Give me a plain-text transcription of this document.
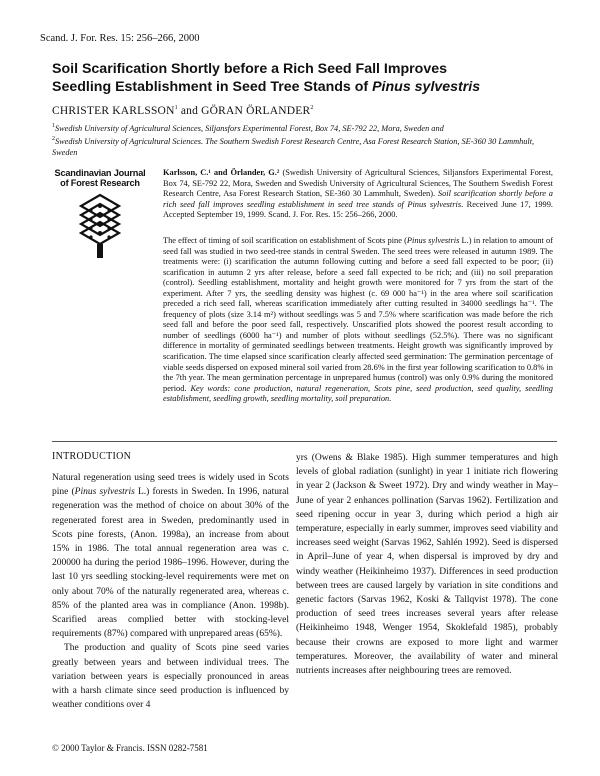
Scand. J. For. Res. 15: 256–266, 2000
Soil Scarification Shortly before a Rich Seed Fall Improves
Seedling Establishment in Seed Tree Stands of Pinus sylvestris
CHRISTER KARLSSON$^1$ and GÖRAN ÖRLANDER$^2$
$^1$Swedish University of Agricultural Sciences, Siljansfors Experimental Forest, Box 74, SE-792 22, Mora, Sweden and
$^2$Swedish University of Agricultural Sciences. The Southern Swedish Forest Research Centre, Asa Forest Research Station, SE-360 30 Lammhult, Sweden
Scandinavian Journal
of Forest Research

Karlsson, C.¹ and Örlander, G.² (Swedish University of Agricultural Sciences, Siljansfors Experimental Forest, Box 74, SE-792 22, Mora, Sweden and Swedish University of Agricultural Sciences, The Southern Swedish Forest Research Centre, Asa Forest Research Station, SE-360 30 Lammhult, Sweden). Soil scarification shortly before a rich seed fall improves seedling establishment in seed tree stands of Pinus sylvestris. Received June 17, 1999. Accepted September 19, 1999. Scand. J. For. Res. 15: 256–266, 2000.

The effect of timing of soil scarification on establishment of Scots pine (Pinus sylvestris L.) in relation to amount of seed fall was studied in two seed-tree stands in central Sweden. The seed trees were released in autumn 1989. The treatments were: (i) scarification the autumn following cutting and before a seed fall expected to be poor; (ii) scarification in autumn 2 yrs after release, before a seed fall expected to be rich; and (iii) no soil preparation (control). Seedling establishment, mortality and height growth were monitored for 7 yrs from the start of the experiment. After 7 yrs, the seedling density was highest (c. 69 000 ha⁻¹) in the area where soil scarification preceded a rich seed fall, whereas scarification immediately after cutting resulted in 34000 seedlings ha⁻¹. The frequency of plots (size 3.14 m²) without seedlings was 5 and 7.5% where scarification was made before the rich seed fall and before the poor seed fall, respectively. Unscarified plots showed the poorest result according to number of seedlings (6000 ha⁻¹) and number of plots without seedlings (52.5%). There was no significant difference in mortality of germinated seedlings between treatments. Height growth was significantly improved by scarification. The time elapsed since scarification clearly affected seed germination: The germination percentage of viable seeds dispersed on exposed mineral soil varied from 28.6% in the first year following scarification to 0.8% in the 7th year. The mean germination percentage in unprepared humus (control) was only 0.9% during the monitored period. Key words: cone production, natural regeneration, Scots pine, seed production, seed quality, seedling establishment, seedling growth, seedling mortality, soil preparation.

INTRODUCTION

Natural regeneration using seed trees is widely used in Scots pine (Pinus sylvestris L.) forests in Sweden. In 1996, natural regeneration was the method of choice on about 30% of the regenerated forest area in Sweden, predominantly used in Scots pine forests, (Anon. 1998a), an increase from about 15% in 1986. The total annual regeneration area was c. 200000 ha during the period 1986–1996. However, during the last 10 yrs seedling stocking-level requirements were met on only about 70% of the naturally regenerated area, whereas c. 85% of the planted area was in compliance (Anon. 1998b). Scarified areas complied better with stocking-level requirements (87%) compared with unprepared areas (65%).

The production and quality of Scots pine seed varies greatly between years and between individual trees. The variation between years is especially pronounced in areas with a harsh climate since seed production is influenced by weather conditions over 4

yrs (Owens & Blake 1985). High summer temperatures and high levels of global radiation (sunlight) in year 1 initiate rich flowering in year 2 (Jackson & Sweet 1972). Dry and windy weather in May–June of year 2 enhances pollination (Sarvas 1962). Fertilization and seed ripening occur in year 3, during which period a high air temperature, especially in early summer, improves seed viability and increases seed weight (Sarvas 1962, Sahlén 1992). Seed is dispersed in April–June of year 4, when dispersal is improved by dry and windy weather (Heikinheimo 1937). Differences in seed production between trees are caused largely by variation in site conditions and genetic factors (Sarvas 1962, Koski & Tallqvist 1978). The cone production of seed trees increases several years after release (Heikinheimo 1948, Wenger 1954, Skoklefald 1985), probably because their crowns are exposed to more light and warmer temperatures. Moreover, the availability of water and mineral nutrients increases after neighbouring trees are removed.

© 2000 Taylor & Francis. ISSN 0282-7581
